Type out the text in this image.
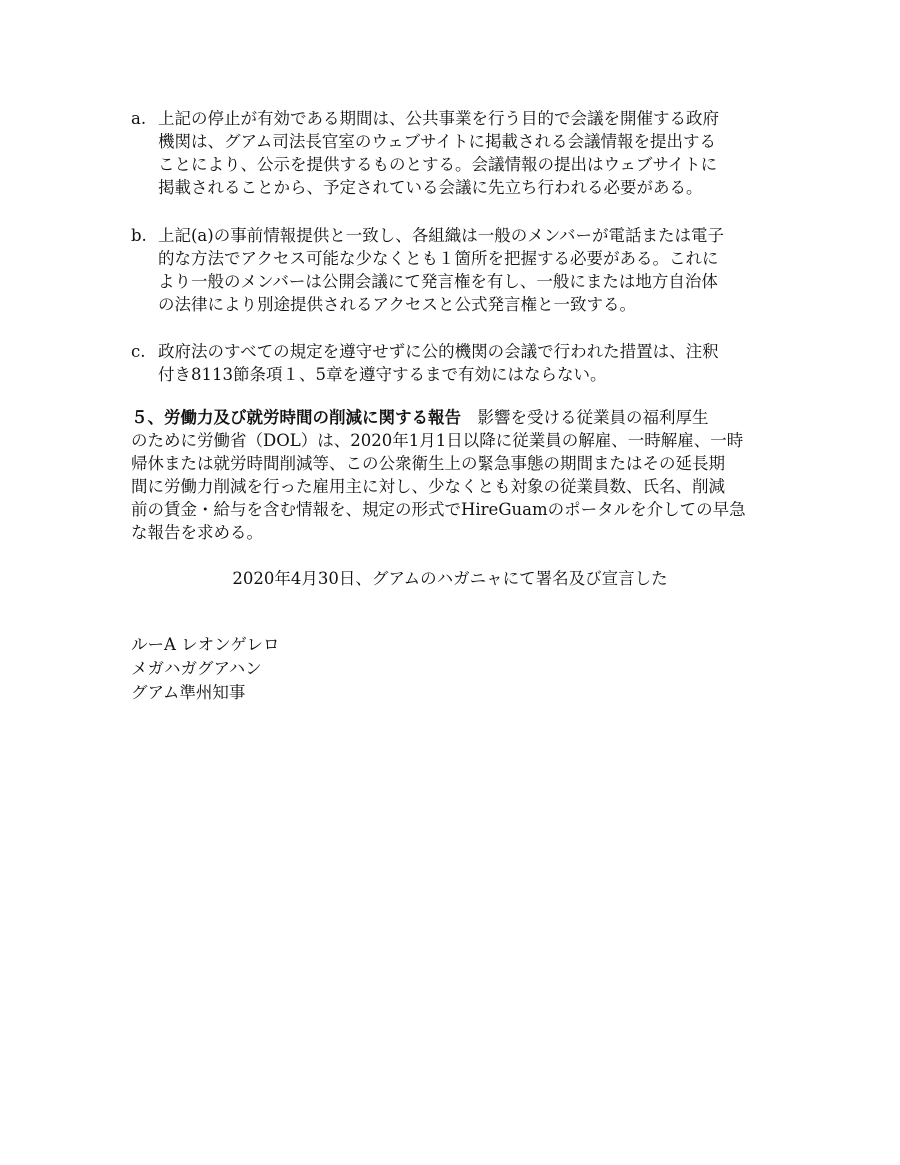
a. 上記の停止が有効である期間は、公共事業を行う目的で会議を開催する政府
機関は、グアム司法長官室のウェブサイトに掲載される会議情報を提出する
ことにより、公示を提供するものとする。会議情報の提出はウェブサイトに
掲載されることから、予定されている会議に先立ち行われる必要がある。
b. 上記(a)の事前情報提供と一致し、各組織は一般のメンバーが電話または電子
的な方法でアクセス可能な少なくとも１箇所を把握する必要がある。これに
より一般のメンバーは公開会議にて発言権を有し、一般にまたは地方自治体
の法律により別途提供されるアクセスと公式発言権と一致する。
c. 政府法のすべての規定を遵守せずに公的機関の会議で行われた措置は、注釈
付き8113節条項１、5章を遵守するまで有効にはならない。
５、労働力及び就労時間の削減に関する報告　影響を受ける従業員の福利厚生
のために労働省（DOL）は、2020年1月1日以降に従業員の解雇、一時解雇、一時
帰休または就労時間削減等、この公衆衛生上の緊急事態の期間またはその延長期
間に労働力削減を行った雇用主に対し、少なくとも対象の従業員数、氏名、削減
前の賃金・給与を含む情報を、規定の形式でHireGuamのポータルを介しての早急
な報告を求める。
2020年4月30日、グアムのハガニャにて署名及び宣言した
ルーA レオンゲレロ
メガハガグアハン
グアム準州知事
